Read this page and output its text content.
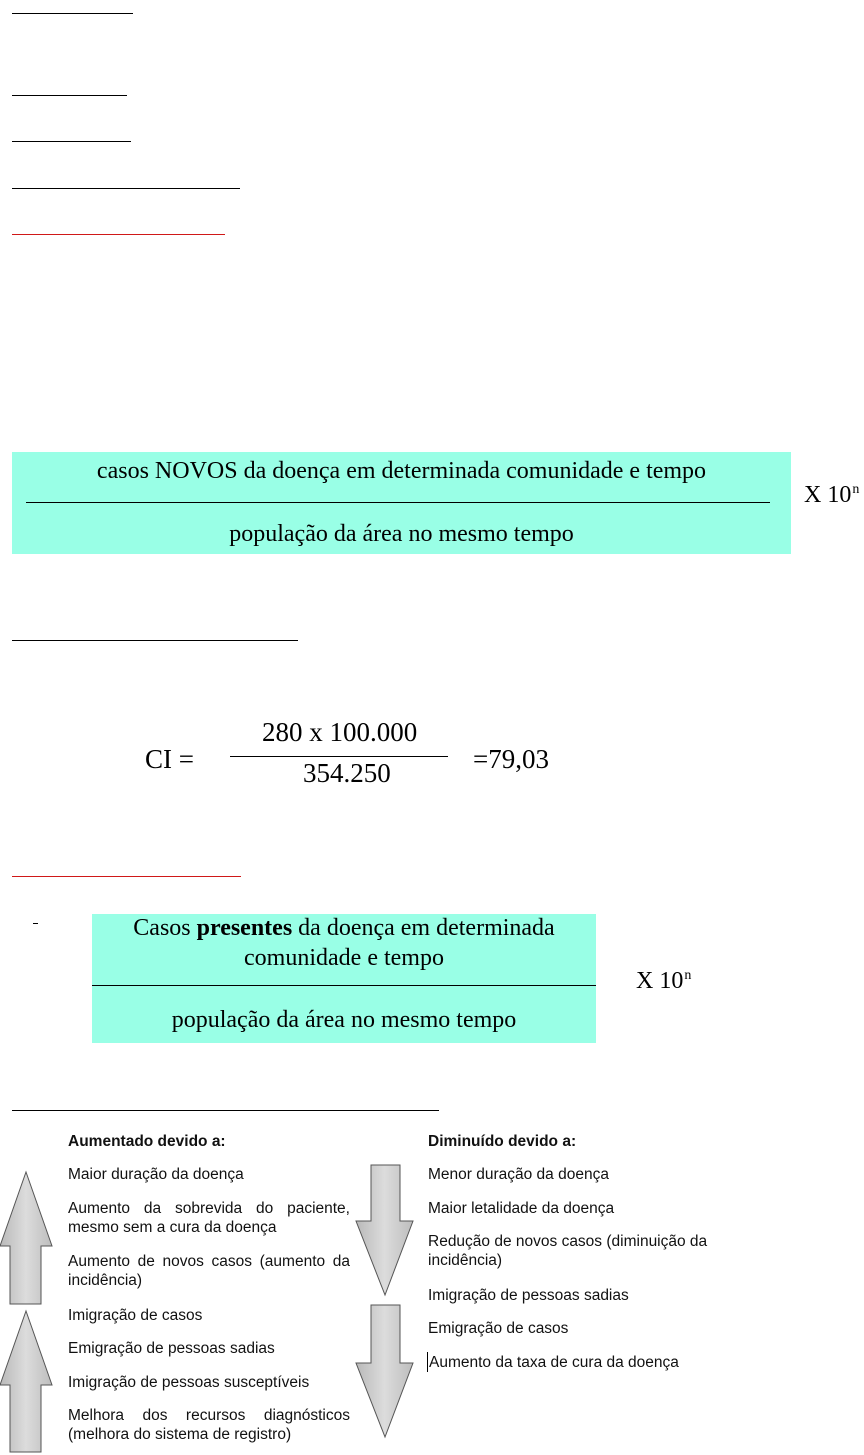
casos NOVOS da doença em determinada comunidade e tempo
população da área no mesmo tempo
X 10$^n$
CI =
280 x 100.000
354.250	=79,03
Casos presentes da doença em determinada
comunidade e tempo
população da área no mesmo tempo
X 10$^n$
Aumentado devido a:
Maior duração da doença
Aumento da sobrevida do paciente, mesmo sem a cura da doença
Aumento de novos casos (aumento da incidência)
Imigração de casos
Emigração de pessoas sadias
Imigração de pessoas susceptíveis
Melhora dos recursos diagnósticos (melhora do sistema de registro)
Diminuído devido a:
Menor duração da doença
Maior letalidade da doença
Redução de novos casos (diminuição da incidência)
Imigração de pessoas sadias
Emigração de casos
Aumento da taxa de cura da doença
